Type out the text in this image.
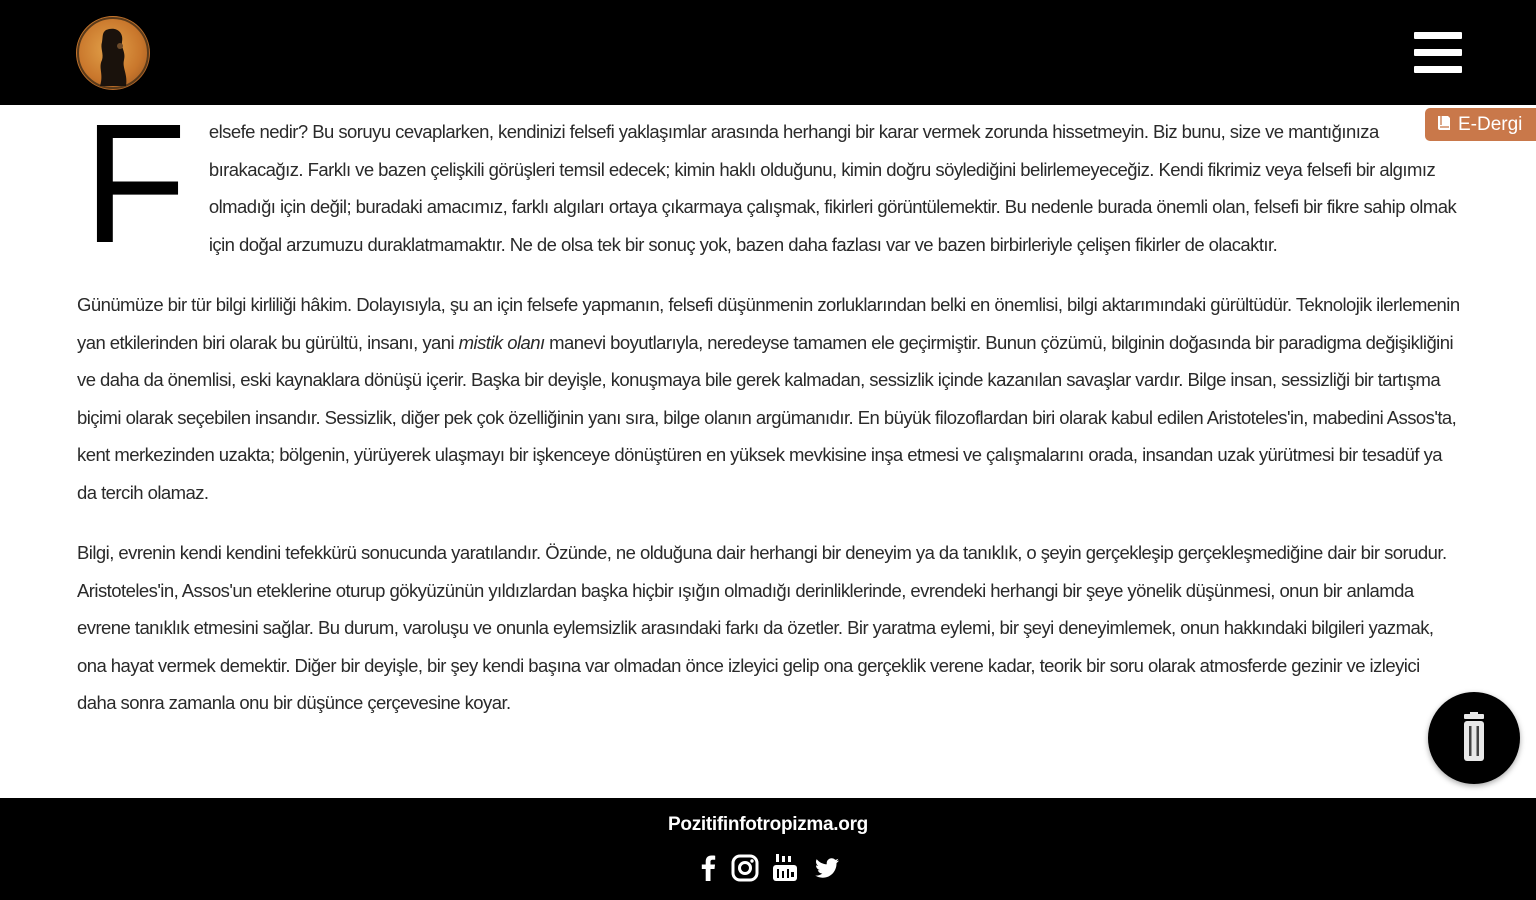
E-Dergi

F elsefe nedir? Bu soruyu cevaplarken, kendinizi felsefi yaklaşımlar arasında herhangi bir karar vermek zorunda hissetmeyin. Biz bunu, size ve mantığınıza bırakacağız. Farklı ve bazen çelişkili görüşleri temsil edecek; kimin haklı olduğunu, kimin doğru söylediğini belirlemeyeceğiz. Kendi fikrimiz veya felsefi bir algımız olmadığı için değil; buradaki amacımız, farklı algıları ortaya çıkarmaya çalışmak, fikirleri görüntülemektir. Bu nedenle burada önemli olan, felsefi bir fikre sahip olmak için doğal arzumuzu duraklatmamaktır. Ne de olsa tek bir sonuç yok, bazen daha fazlası var ve bazen birbirleriyle çelişen fikirler de olacaktır.

Günümüze bir tür bilgi kirliliği hâkim. Dolayısıyla, şu an için felsefe yapmanın, felsefi düşünmenin zorluklarından belki en önemlisi, bilgi aktarımındaki gürültüdür. Teknolojik ilerlemenin yan etkilerinden biri olarak bu gürültü, insanı, yani mistik olanı manevi boyutlarıyla, neredeyse tamamen ele geçirmiştir. Bunun çözümü, bilginin doğasında bir paradigma değişikliğini ve daha da önemlisi, eski kaynaklara dönüşü içerir. Başka bir deyişle, konuşmaya bile gerek kalmadan, sessizlik içinde kazanılan savaşlar vardır. Bilge insan, sessizliği bir tartışma biçimi olarak seçebilen insandır. Sessizlik, diğer pek çok özelliğinin yanı sıra, bilge olanın argümanıdır. En büyük filozoflardan biri olarak kabul edilen Aristoteles'in, mabedini Assos'ta, kent merkezinden uzakta; bölgenin, yürüyerek ulaşmayı bir işkenceye dönüştüren en yüksek mevkisine inşa etmesi ve çalışmalarını orada, insandan uzak yürütmesi bir tesadüf ya da tercih olamaz.

Bilgi, evrenin kendi kendini tefekkürü sonucunda yaratılandır. Özünde, ne olduğuna dair herhangi bir deneyim ya da tanıklık, o şeyin gerçekleşip gerçekleşmediğine dair bir sorudur. Aristoteles'in, Assos'un eteklerine oturup gökyüzünün yıldızlardan başka hiçbir ışığın olmadığı derinliklerinde, evrendeki herhangi bir şeye yönelik düşünmesi, onun bir anlamda evrene tanıklık etmesini sağlar. Bu durum, varoluşu ve onunla eylemsizlik arasındaki farkı da özetler. Bir yaratma eylemi, bir şeyi deneyimlemek, onun hakkındaki bilgileri yazmak, ona hayat vermek demektir. Diğer bir deyişle, bir şey kendi başına var olmadan önce izleyici gelip ona gerçeklik verene kadar, teorik bir soru olarak atmosferde gezinir ve izleyici daha sonra zamanla onu bir düşünce çerçevesine koyar.

Pozitifinfotropizma.org
